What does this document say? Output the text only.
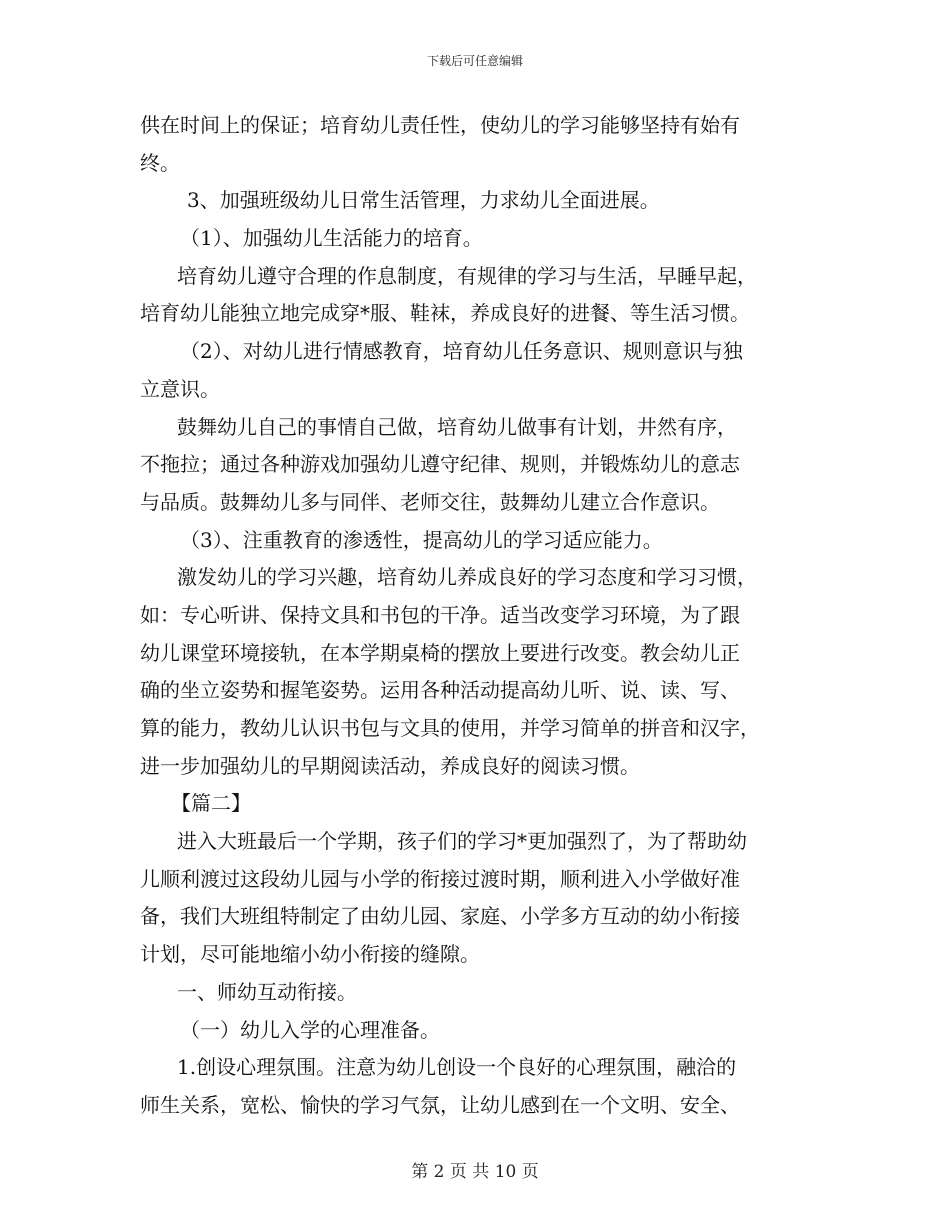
下载后可任意编辑
供在时间上的保证；培育幼儿责任性，使幼儿的学习能够坚持有始有
终。
3、加强班级幼儿日常生活管理，力求幼儿全面进展。
（1）、加强幼儿生活能力的培育。
培育幼儿遵守合理的作息制度，有规律的学习与生活，早睡早起，
培育幼儿能独立地完成穿*服、鞋袜，养成良好的进餐、等生活习惯。
（2）、对幼儿进行情感教育，培育幼儿任务意识、规则意识与独
立意识。
鼓舞幼儿自己的事情自己做，培育幼儿做事有计划，井然有序，
不拖拉；通过各种游戏加强幼儿遵守纪律、规则，并锻炼幼儿的意志
与品质。鼓舞幼儿多与同伴、老师交往，鼓舞幼儿建立合作意识。
（3）、注重教育的渗透性，提高幼儿的学习适应能力。
激发幼儿的学习兴趣，培育幼儿养成良好的学习态度和学习习惯，
如：专心听讲、保持文具和书包的干净。适当改变学习环境，为了跟
幼儿课堂环境接轨，在本学期桌椅的摆放上要进行改变。教会幼儿正
确的坐立姿势和握笔姿势。运用各种活动提高幼儿听、说、读、写、
算的能力，教幼儿认识书包与文具的使用，并学习简单的拼音和汉字，
进一步加强幼儿的早期阅读活动，养成良好的阅读习惯。
【篇二】
进入大班最后一个学期，孩子们的学习*更加强烈了，为了帮助幼
儿顺利渡过这段幼儿园与小学的衔接过渡时期，顺利进入小学做好准
备，我们大班组特制定了由幼儿园、家庭、小学多方互动的幼小衔接
计划，尽可能地缩小幼小衔接的缝隙。
一、师幼互动衔接。
（一）幼儿入学的心理准备。
1.创设心理氛围。注意为幼儿创设一个良好的心理氛围，融洽的
师生关系，宽松、愉快的学习气氛，让幼儿感到在一个文明、安全、
第 2 页 共 10 页
